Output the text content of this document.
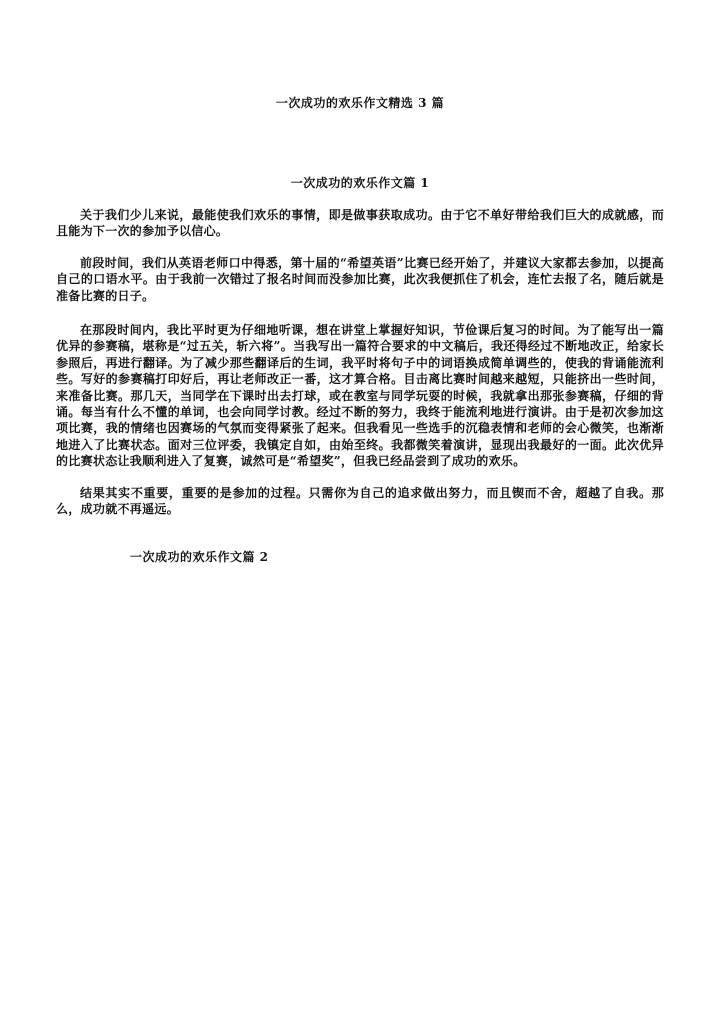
一次成功的欢乐作文精选 3 篇
一次成功的欢乐作文篇 1

关于我们少儿来说，最能使我们欢乐的事情，即是做事获取成功。由于它不单好带给我们巨大的成就感，而且能为下一次的参加予以信心。

前段时间，我们从英语老师口中得悉，第十届的“希望英语”比赛已经开始了，并建议大家都去参加，以提高自己的口语水平。由于我前一次错过了报名时间而没参加比赛，此次我便抓住了机会，连忙去报了名，随后就是准备比赛的日子。

在那段时间内，我比平时更为仔细地听课，想在讲堂上掌握好知识，节俭课后复习的时间。为了能写出一篇优异的参赛稿，堪称是“过五关，斩六将”。当我写出一篇符合要求的中文稿后，我还得经过不断地改正，给家长参照后，再进行翻译。为了减少那些翻译后的生词，我平时将句子中的词语换成简单调些的，使我的背诵能流利些。写好的参赛稿打印好后，再让老师改正一番，这才算合格。目击离比赛时间越来越短，只能挤出一些时间，来准备比赛。那几天，当同学在下课时出去打球，或在教室与同学玩耍的时候，我就拿出那张参赛稿，仔细的背诵。每当有什么不懂的单词，也会向同学讨教。经过不断的努力，我终于能流利地进行演讲。由于是初次参加这项比赛，我的情绪也因赛场的气氛而变得紧张了起来。但我看见一些选手的沉稳表情和老师的会心微笑，也渐渐地进入了比赛状态。面对三位评委，我镇定自如，由始至终。我都微笑着演讲，显现出我最好的一面。此次优异的比赛状态让我顺利进入了复赛，诚然可是“希望奖”，但我已经品尝到了成功的欢乐。

结果其实不重要，重要的是参加的过程。只需你为自己的追求做出努力，而且锲而不舍，超越了自我。那么，成功就不再遥远。

一次成功的欢乐作文篇 2
